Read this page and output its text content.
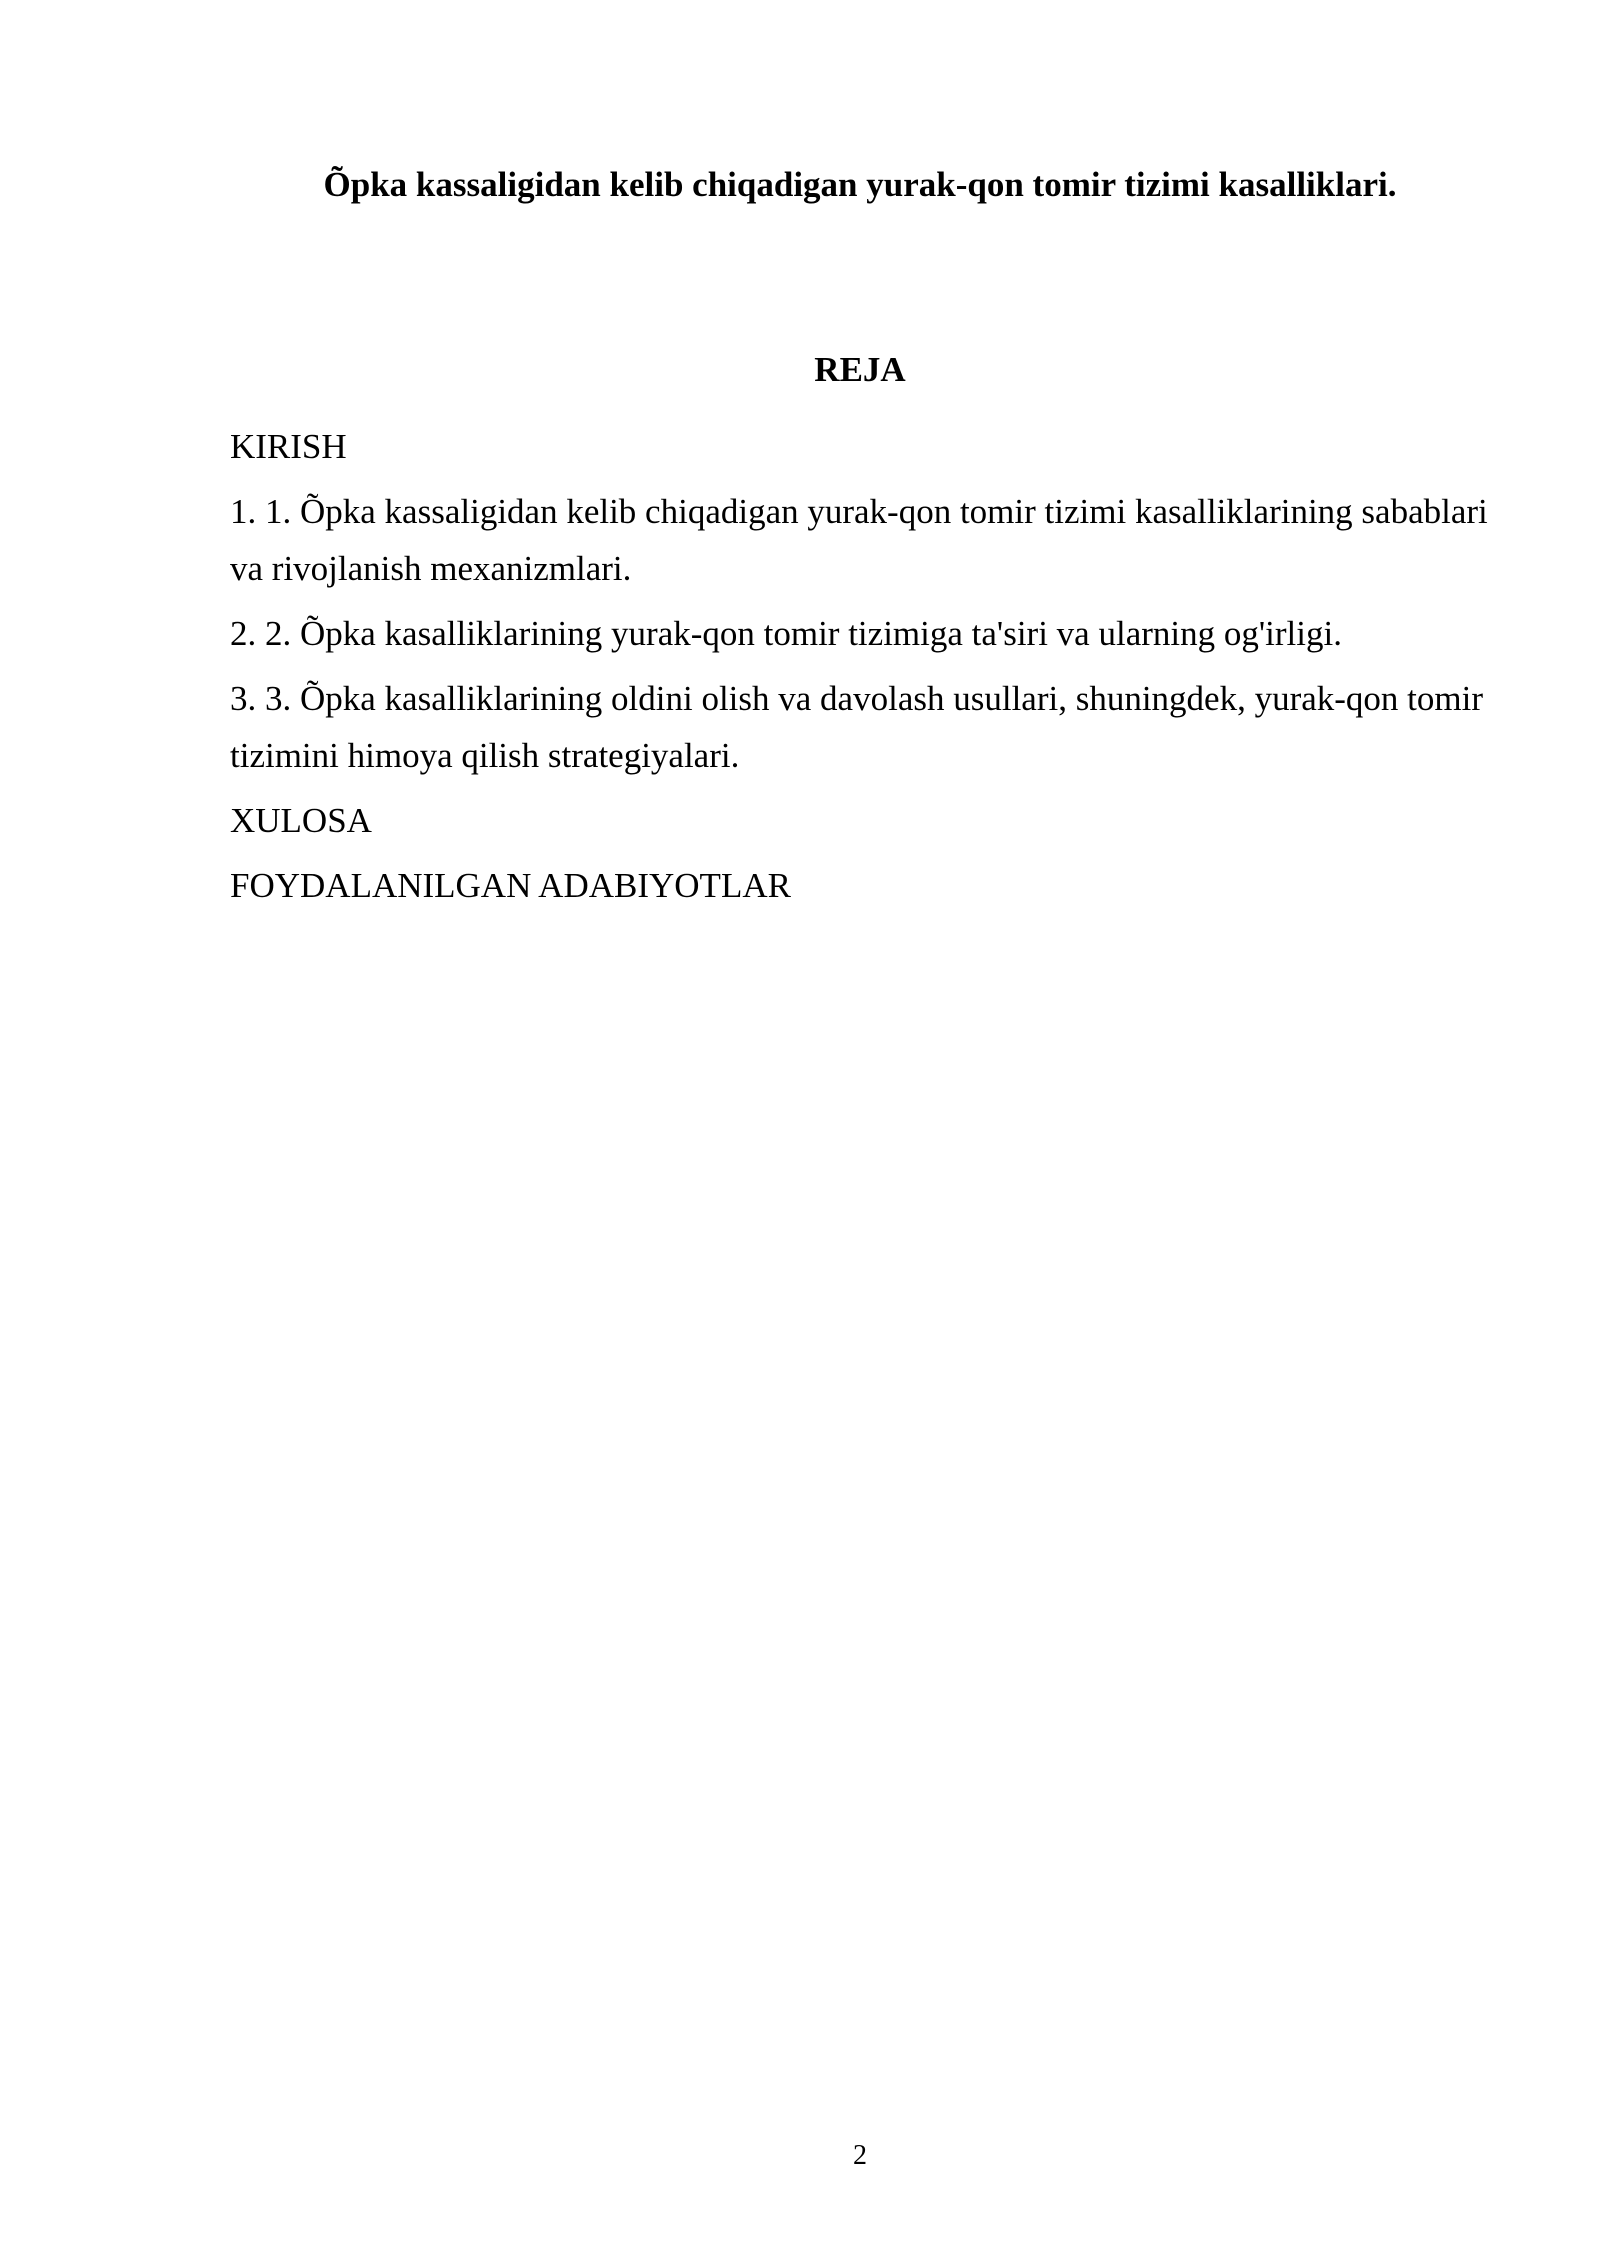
Õpka kassaligidan kelib chiqadigan yurak-qon tomir tizimi kasalliklari.
REJA

KIRISH

1. 1. Õpka kassaligidan kelib chiqadigan yurak-qon tomir tizimi kasalliklarining sabablari va rivojlanish mexanizmlari.

2. 2. Õpka kasalliklarining yurak-qon tomir tizimiga ta'siri va ularning og'irligi.

3. 3. Õpka kasalliklarining oldini olish va davolash usullari, shuningdek, yurak-qon tomir tizimini himoya qilish strategiyalari.

XULOSA

FOYDALANILGAN ADABIYOTLAR

2
